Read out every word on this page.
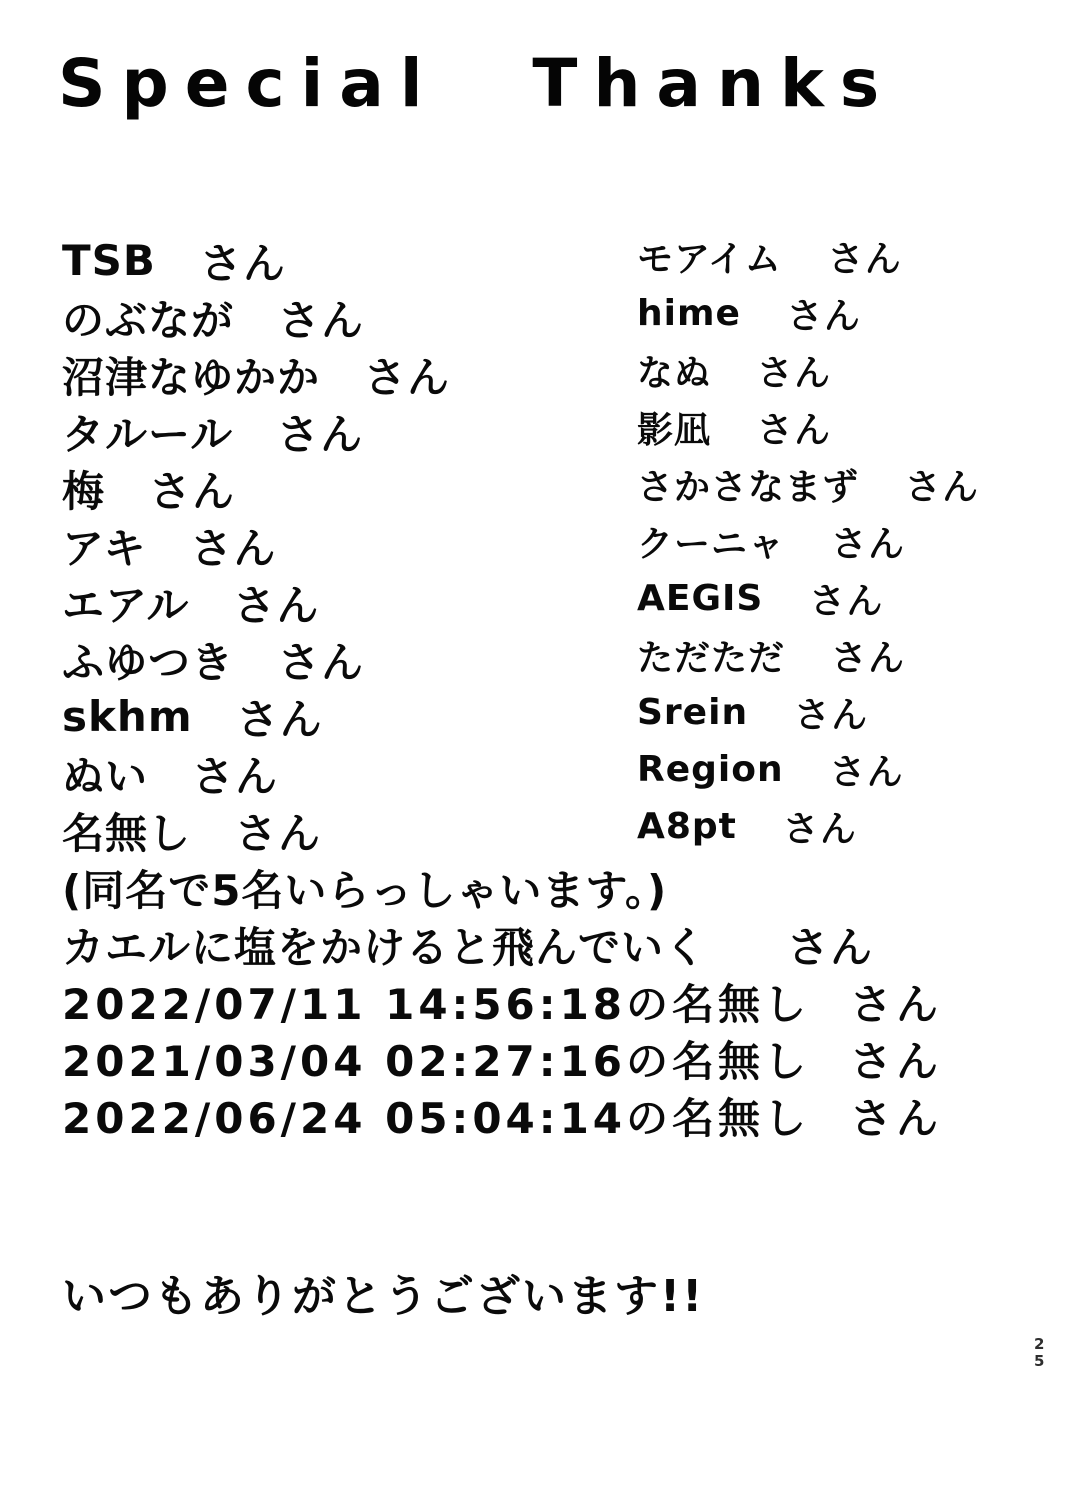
Special Thanks
TSB さん
のぶなが さん
沼津なゆかか さん
タルール さん
梅 さん
アキ さん
エアル さん
ふゆつき さん
skhm さん
ぬい さん
名無し さん
(同名で5名いらっしゃいます。)
カエルに塩をかけると飛んでいく さん
2022/07/11 14:56:18の名無し さん
2021/03/04 02:27:16の名無し さん
2022/06/24 05:04:14の名無し さん
モアイム さん
hime さん
なぬ さん
影凪 さん
さかさなまず さん
クーニャ さん
AEGIS さん
ただただ さん
Srein さん
Region さん
A8pt さん
いつもありがとうございます!!
2
5
